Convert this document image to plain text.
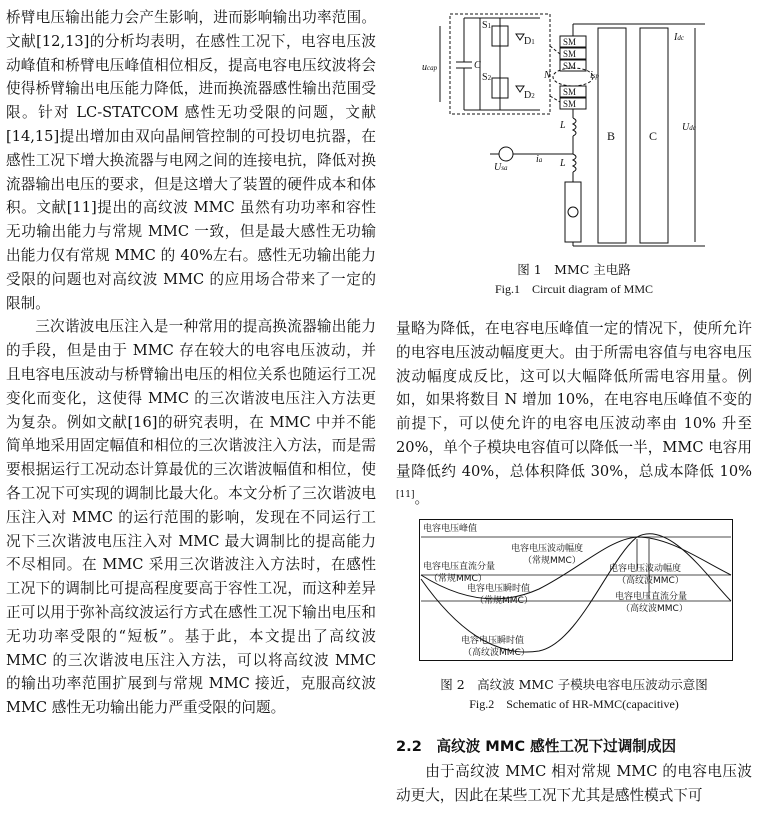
桥臂电压输出能力会产生影响，进而影响输出功率范围。文献[12,13]的分析均表明，在感性工况下，电容电压波动峰值和桥臂电压峰值相位相反，提高电容电压纹波将会使得桥臂输出电压能力降低，进而换流器感性输出范围受限。针对 LC-STATCOM 感性无功受限的问题，文献[14,15]提出增加由双向晶闸管控制的可投切电抗器，在感性工况下增大换流器与电网之间的连接电抗，降低对换流器输出电压的要求，但是这增大了装置的硬件成本和体积。文献[11]提出的高纹波 MMC 虽然有功功率和容性无功输出能力与常规 MMC 一致，但是最大感性无功输出能力仅有常规 MMC 的 40%左右。感性无功输出能力受限的问题也对高纹波 MMC 的应用场合带来了一定的限制。

三次谐波电压注入是一种常用的提高换流器输出能力的手段，但是由于 MMC 存在较大的电容电压波动，并且电容电压波动与桥臂输出电压的相位关系也随运行工况变化而变化，这使得 MMC 的三次谐波电压注入方法更为复杂。例如文献[16]的研究表明，在 MMC 中并不能简单地采用固定幅值和相位的三次谐波注入方法，而是需要根据运行工况动态计算最优的三次谐波幅值和相位，使各工况下可实现的调制比最大化。本文分析了三次谐波电压注入对 MMC 的运行范围的影响，发现在不同运行工况下三次谐波电压注入对 MMC 最大调制比的提高能力不尽相同。在 MMC 采用三次谐波注入方法时，在感性工况下的调制比可提高程度要高于容性工况，而这种差异正可以用于弥补高纹波运行方式在感性工况下输出电压和无功功率受限的“短板”。基于此，本文提出了高纹波 MMC 的三次谐波电压注入方法，可以将高纹波 MMC 的输出功率范围扩展到与常规 MMC 接近，克服高纹波 MMC 感性无功输出能力严重受限的问题。

S1
D1
S2
D2
C
ucap
SM
SM
SM
SM
SM
N	isp
L
L
Idc
Udc
Usa
ia
B	C
图 1　MMC 主电路
Fig.1　Circuit diagram of MMC

量略为降低，在电容电压峰值一定的情况下，使所允许的电容电压波动幅度更大。由于所需电容值与电容电压波动幅度成反比，这可以大幅降低所需电容用量。例如，如果将数目 N 增加 10%，在电容电压峰值不变的前提下，可以使允许的电容电压波动率由 10% 升至 20%，单个子模块电容值可以降低一半，MMC 电容用量降低约 40%，总体积降低 30%，总成本降低 10%[11]。

电容电压峰值
电容电压波动幅度
（常规MMC）
电容电压直流分量
（常规MMC）
电容电压波动幅度
（高纹波MMC）
电容电压瞬时值
（常规MMC）	电容电压直流分量
（高纹波MMC）
电容电压瞬时值
（高纹波MMC）
图 2　高纹波 MMC 子模块电容电压波动示意图
Fig.2　Schematic of HR-MMC(capacitive)
2.2　高纹波 MMC 感性工况下过调制成因

由于高纹波 MMC 相对常规 MMC 的电容电压波动更大，因此在某些工况下尤其是感性模式下可
